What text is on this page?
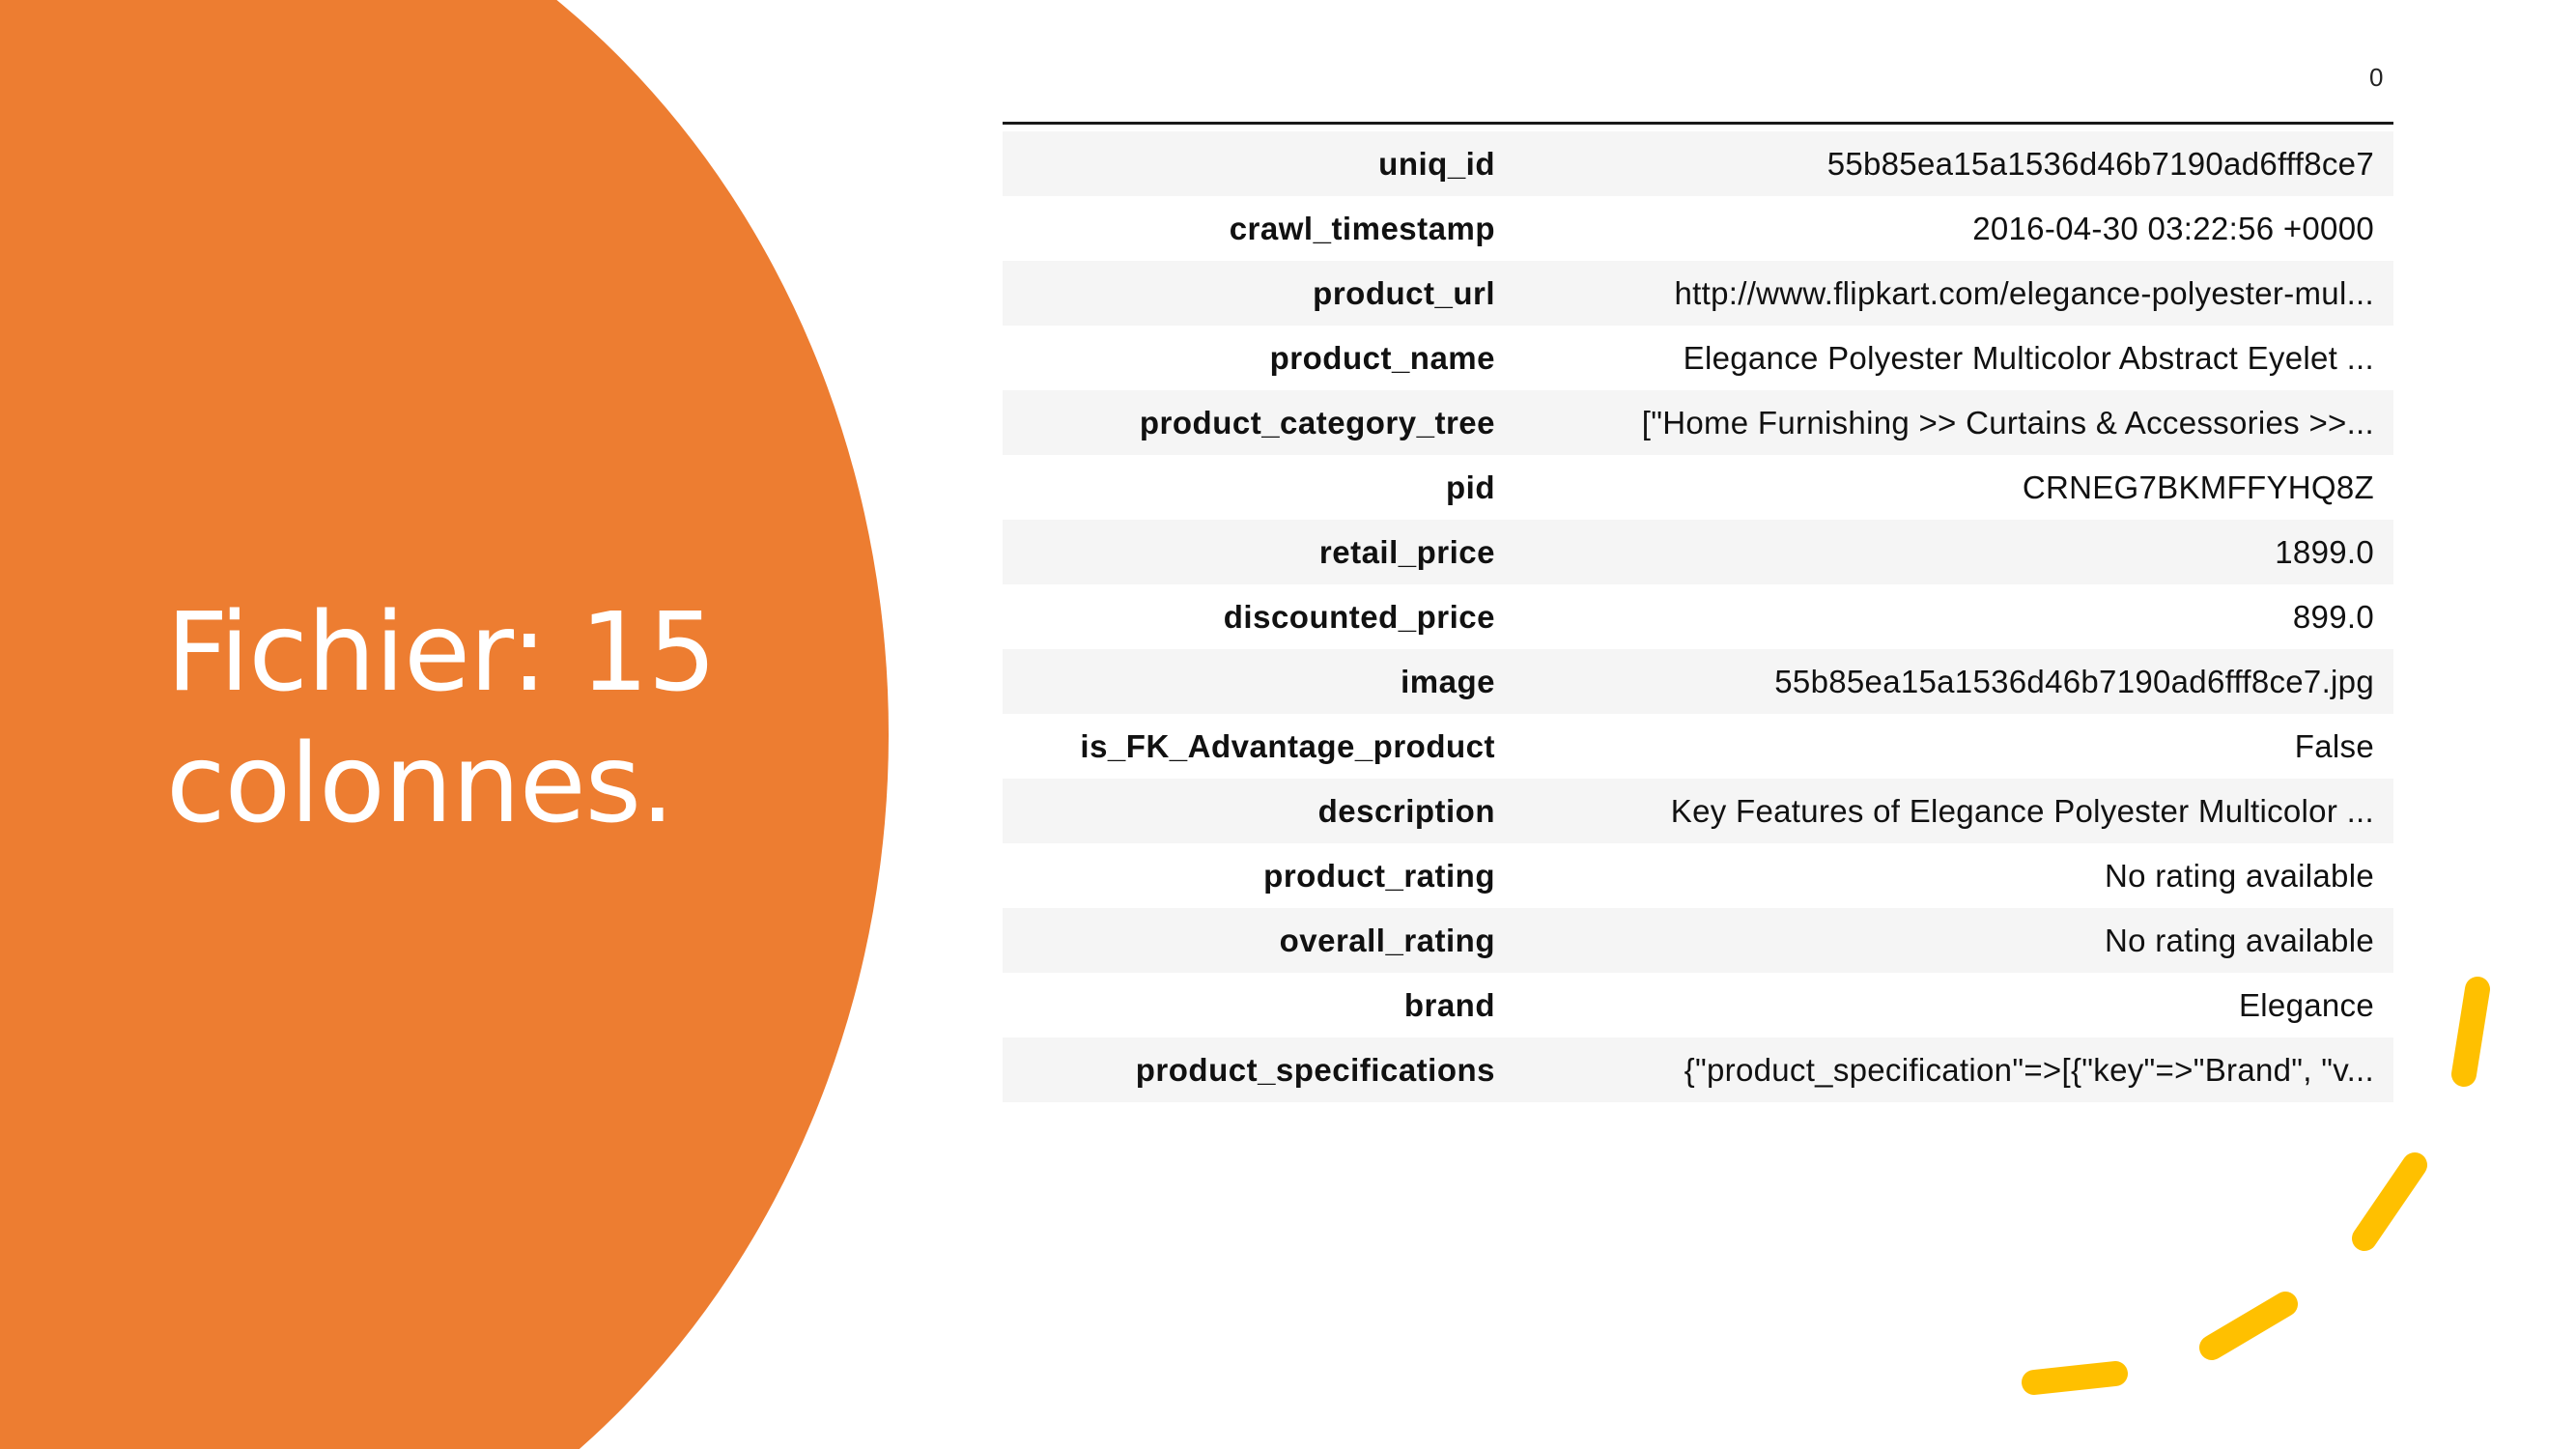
Fichier: 15
colonnes.
0
uniq_id	55b85ea15a1536d46b7190ad6fff8ce7
crawl_timestamp	2016-04-30 03:22:56 +0000
product_url	http://www.flipkart.com/elegance-polyester-mul...
product_name	Elegance Polyester Multicolor Abstract Eyelet ...
product_category_tree	["Home Furnishing >> Curtains & Accessories >>...
pid	CRNEG7BKMFFYHQ8Z
retail_price	1899.0
discounted_price	899.0
image	55b85ea15a1536d46b7190ad6fff8ce7.jpg
is_FK_Advantage_product	False
description	Key Features of Elegance Polyester Multicolor ...
product_rating	No rating available
overall_rating	No rating available
brand	Elegance
product_specifications	{"product_specification"=>[{"key"=>"Brand", "v...
